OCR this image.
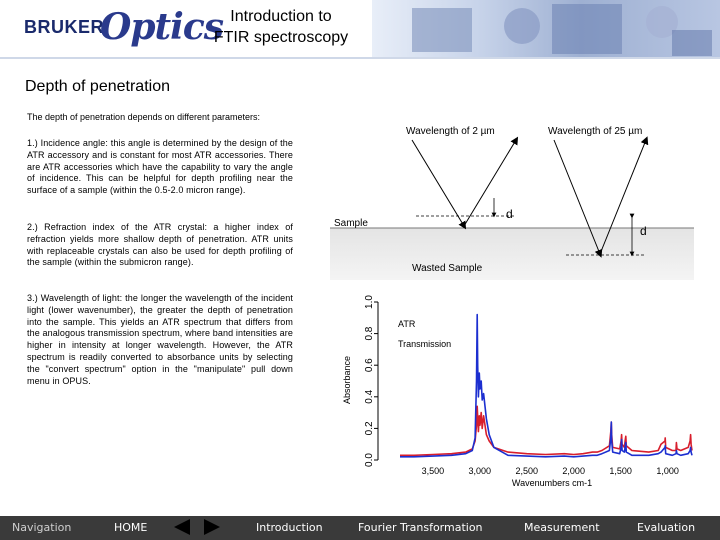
BRUKER
Optics Introduction to
FTIR spectroscopy
Depth of penetration
The depth of penetration depends on different parameters:
1.) Incidence angle: this angle is determined by the design of the ATR accessory and is constant for most ATR accessories. There are ATR accessories which have the capability to vary the angle of incidence. This can be helpful for depth profiling near the surface of a sample (within the 0.5-2.0 micron range).
2.) Refraction index of the ATR crystal: a higher index of refraction yields more shallow depth of penetration. ATR units with replaceable crystals can also be used for depth profiling of the sample (within the submicron range).
3.) Wavelength of light: the longer the wavelength of the incident light (lower wavenumber), the greater the depth of penetration into the sample. This yields an ATR spectrum that differs from the analogous transmission spectrum, where band intensities are higher in intensity at longer wavelength. However, the ATR spectrum is readily converted to absorbance units by selecting the "convert spectrum" option in the "manipulate" pull down menu in OPUS.
Wavelength of 2 µm	Wavelength of 25 µm
Sample
Wasted Sample
d
d
0.0
0.2
0.4
0.6
0.8
1.0
3,500	3,000	2,500	2,000	1,500	1,000
Absorbance
Wavenumbers cm-1
ATR
Transmission
Navigation	HOME	Introduction	Fourier Transformation	Measurement	Evaluation
